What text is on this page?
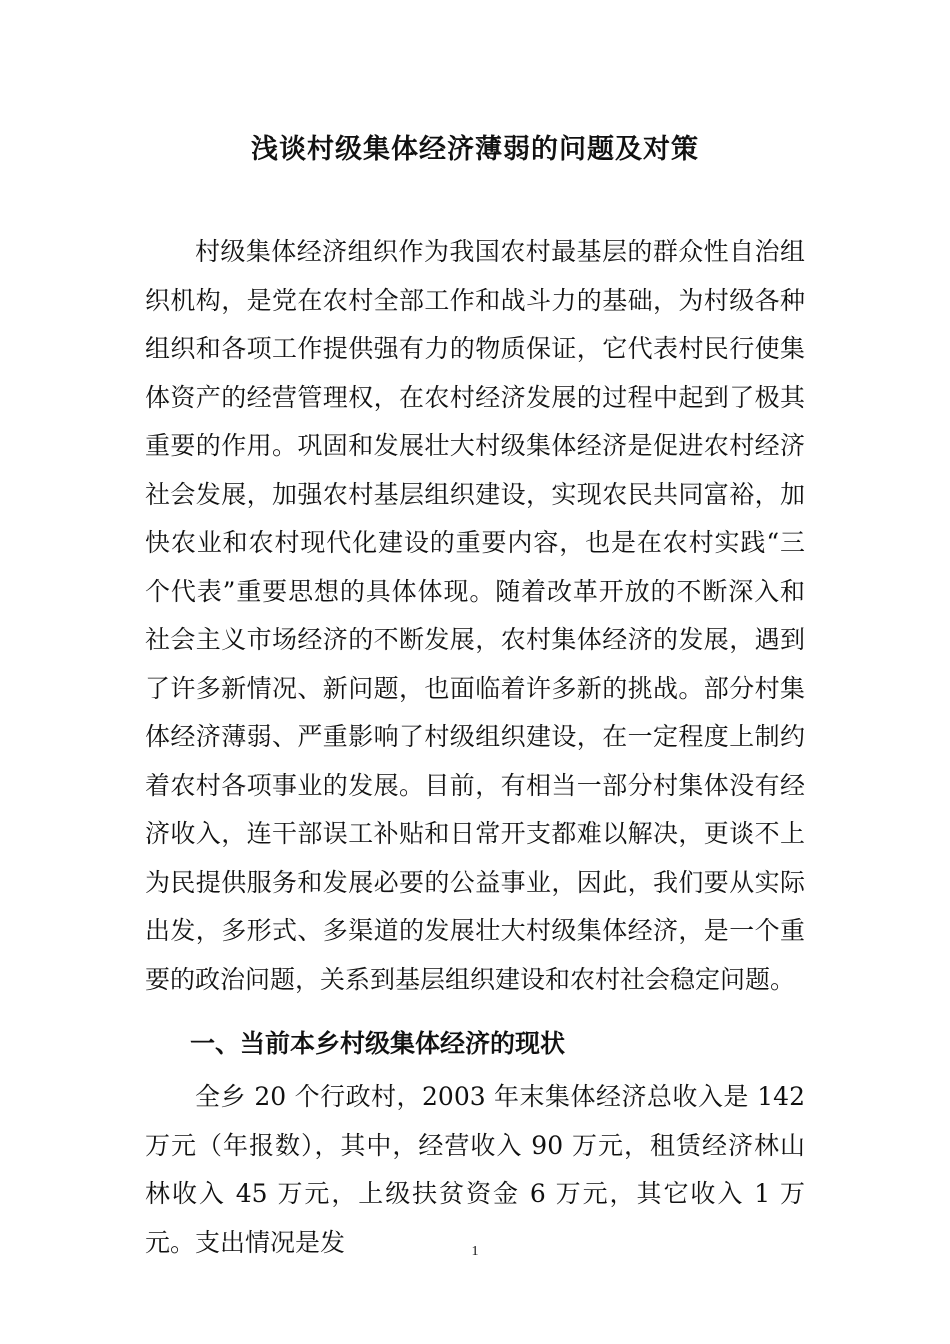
浅谈村级集体经济薄弱的问题及对策

村级集体经济组织作为我国农村最基层的群众性自治组织机构，是党在农村全部工作和战斗力的基础，为村级各种组织和各项工作提供强有力的物质保证，它代表村民行使集体资产的经营管理权，在农村经济发展的过程中起到了极其重要的作用。巩固和发展壮大村级集体经济是促进农村经济社会发展，加强农村基层组织建设，实现农民共同富裕，加快农业和农村现代化建设的重要内容，也是在农村实践“三个代表”重要思想的具体体现。随着改革开放的不断深入和社会主义市场经济的不断发展，农村集体经济的发展，遇到了许多新情况、新问题，也面临着许多新的挑战。部分村集体经济薄弱、严重影响了村级组织建设，在一定程度上制约着农村各项事业的发展。目前，有相当一部分村集体没有经济收入，连干部误工补贴和日常开支都难以解决，更谈不上为民提供服务和发展必要的公益事业，因此，我们要从实际出发，多形式、多渠道的发展壮大村级集体经济，是一个重要的政治问题，关系到基层组织建设和农村社会稳定问题。

一、当前本乡村级集体经济的现状

全乡 20 个行政村，2003 年末集体经济总收入是 142 万元（年报数），其中，经营收入 90 万元，租赁经济林山林收入 45 万元，上级扶贫资金 6 万元，其它收入 1 万元。支出情况是发	1
